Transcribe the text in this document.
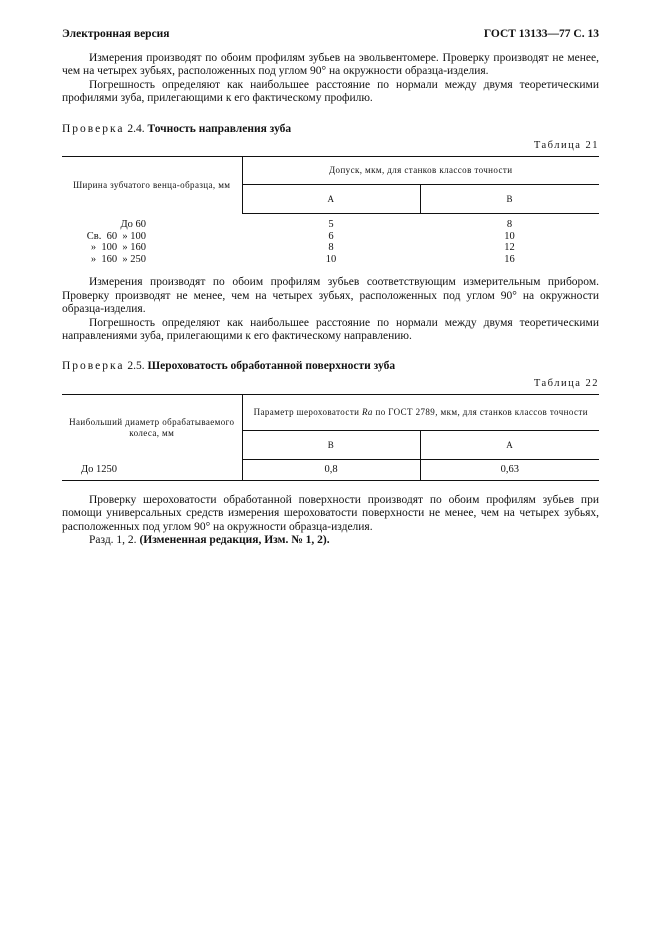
Электронная версия	ГОСТ 13133—77 С. 13

Измерения производят по обоим профилям зубьев на эвольвентомере. Проверку производят не менее, чем на четырех зубьях, расположенных под углом 90° на окружности образца-изделия.

Погрешность определяют как наибольшее расстояние по нормали между двумя теоретическими профилями зуба, прилегающими к его фактическому профилю.

Проверка 2.4. Точность направления зуба
Таблица 21
Ширина зубчатого венца-образца, мм	Допуск, мкм, для станков классов точности	
	А	В
До 60	5	8
Св.  60  » 100	6	10
»  100  » 160	8	12
»  160  » 250	10	16

Измерения производят по обоим профилям зубьев соответствующим измерительным прибором. Проверку производят не менее, чем на четырех зубьях, расположенных под углом 90° на окружности образца-изделия.

Погрешность определяют как наибольшее расстояние по нормали между двумя теоретическими направлениями зуба, прилегающими к его фактическому направлению.

Проверка 2.5. Шероховатость обработанной поверхности зуба
Таблица 22
Наибольший диаметр обрабатываемого колеса, мм	Параметр шероховатости Ra по ГОСТ 2789, мкм, для станков классов точности	
	В	А
До 1250	0,8	0,63

Проверку шероховатости обработанной поверхности производят по обоим профилям зубьев при помощи универсальных средств измерения шероховатости поверхности не менее, чем на четырех зубьях, расположенных под углом 90° на окружности образца-изделия.

Разд. 1, 2. (Измененная редакция, Изм. № 1, 2).
